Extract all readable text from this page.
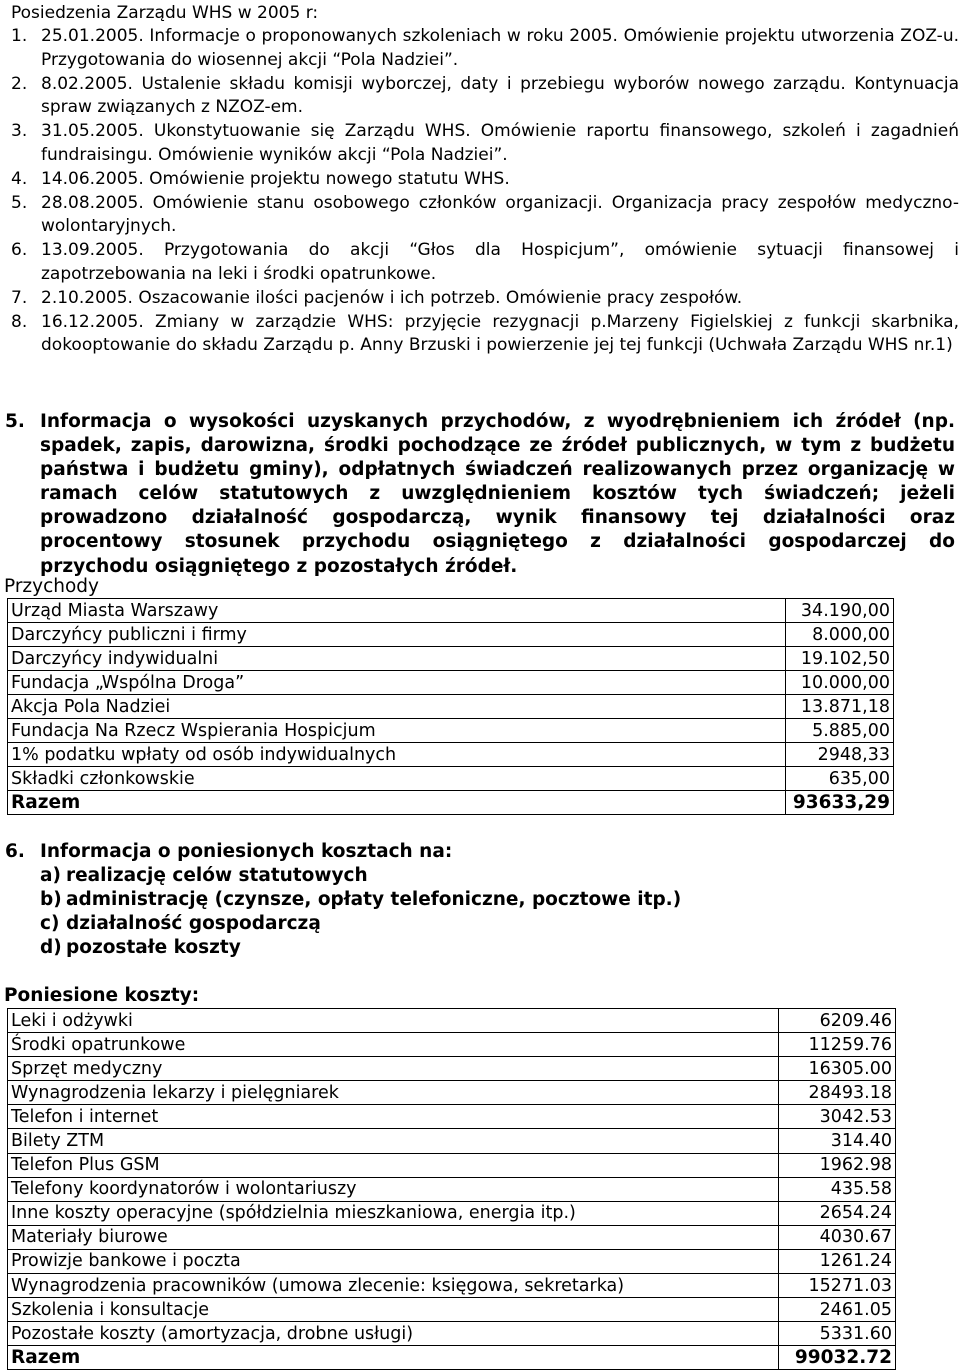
Posiedzenia Zarządu WHS w 2005 r:
1. 25.01.2005. Informacje o proponowanych szkoleniach w roku 2005. Omówienie projektu utworzenia ZOZ-u. Przygotowania do wiosennej akcji “Pola Nadziei”.
2. 8.02.2005. Ustalenie składu komisji wyborczej, daty i przebiegu wyborów nowego zarządu. Kontynuacja spraw związanych z NZOZ-em.
3. 31.05.2005. Ukonstytuowanie się Zarządu WHS. Omówienie raportu finansowego, szkoleń i zagadnień fundraisingu. Omówienie wyników akcji “Pola Nadziei”.
4. 14.06.2005. Omówienie projektu nowego statutu WHS.
5. 28.08.2005. Omówienie stanu osobowego członków organizacji. Organizacja pracy zespołów medyczno-wolontaryjnych.
6. 13.09.2005. Przygotowania do akcji “Głos dla Hospicjum”, omówienie sytuacji finansowej i zapotrzebowania na leki i środki opatrunkowe.
7. 2.10.2005. Oszacowanie ilości pacjenów i ich potrzeb. Omówienie pracy zespołów.
8. 16.12.2005. Zmiany w zarządzie WHS: przyjęcie rezygnacji p.Marzeny Figielskiej z funkcji skarbnika, dokooptowanie do składu Zarządu p. Anny Brzuski i powierzenie jej tej funkcji (Uchwała Zarządu WHS nr.1)
5. Informacja o wysokości uzyskanych przychodów, z wyodrębnieniem ich źródeł (np. spadek, zapis, darowizna, środki pochodzące ze źródeł publicznych, w tym z budżetu państwa i budżetu gminy), odpłatnych świadczeń realizowanych przez organizację w ramach celów statutowych z uwzględnieniem kosztów tych świadczeń; jeżeli prowadzono działalność gospodarczą, wynik finansowy tej działalności oraz procentowy stosunek przychodu osiągniętego z działalności gospodarczej do przychodu osiągniętego z pozostałych źródeł.
Przychody
Urząd Miasta Warszawy	34.190,00
Darczyńcy publiczni i firmy	8.000,00
Darczyńcy indywidualni	19.102,50
Fundacja „Wspólna Droga”	10.000,00
Akcja Pola Nadziei	13.871,18
Fundacja Na Rzecz Wspierania Hospicjum	5.885,00
1% podatku wpłaty od osób indywidualnych	2948,33
Składki członkowskie	635,00
Razem	93633,29
6. Informacja o poniesionych kosztach na:
a) realizację celów statutowych
b) administrację (czynsze, opłaty telefoniczne, pocztowe itp.)
c) działalność gospodarczą
d) pozostałe koszty
Poniesione koszty:
Leki i odżywki	6209.46
Środki opatrunkowe	11259.76
Sprzęt medyczny	16305.00
Wynagrodzenia lekarzy i pielęgniarek	28493.18
Telefon i internet	3042.53
Bilety ZTM	314.40
Telefon Plus GSM	1962.98
Telefony koordynatorów i wolontariuszy	435.58
Inne koszty operacyjne (spółdzielnia mieszkaniowa, energia itp.)	2654.24
Materiały biurowe	4030.67
Prowizje bankowe i poczta	1261.24
Wynagrodzenia pracowników (umowa zlecenie: księgowa, sekretarka)	15271.03
Szkolenia i konsultacje	2461.05
Pozostałe koszty (amortyzacja, drobne usługi)	5331.60
Razem	99032.72
